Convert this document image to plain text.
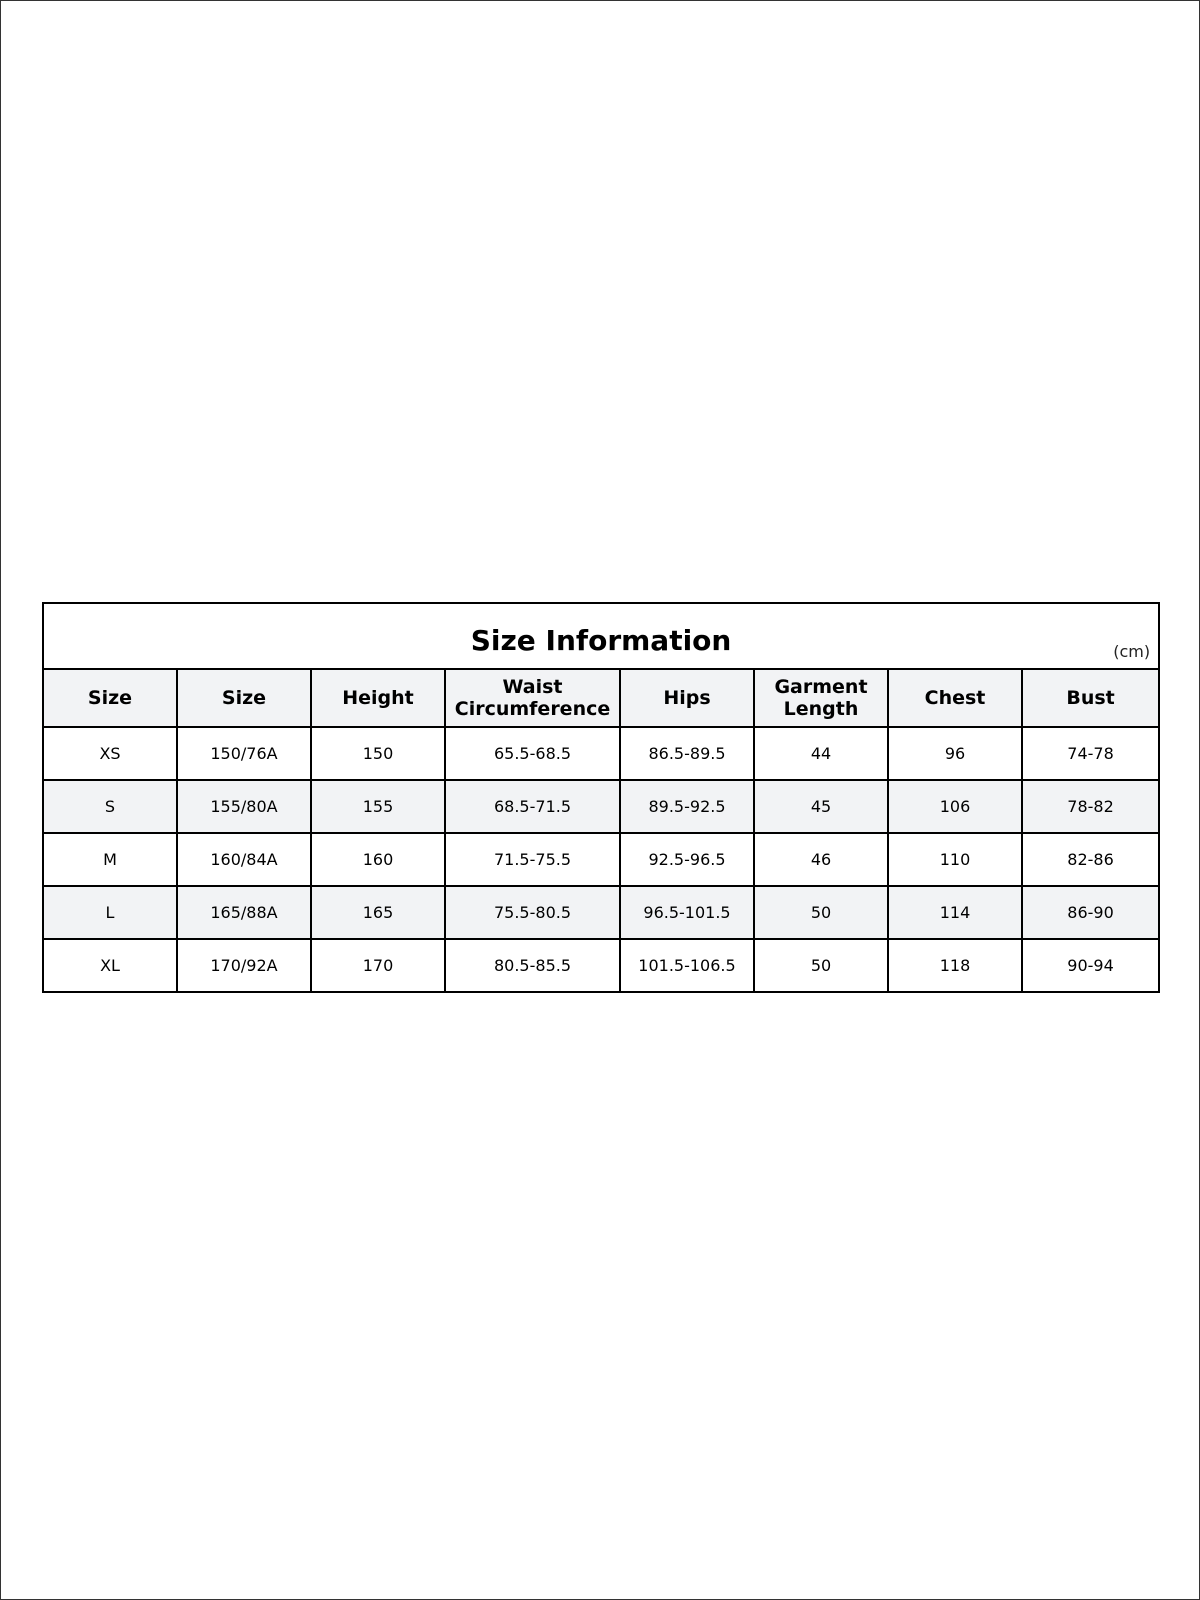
Size Information (cm)							

Size	Size	Height	Waist Circumference	Hips	Garment Length	Chest	Bust
XS	150/76A	150	65.5-68.5	86.5-89.5	44	96	74-78
S	155/80A	155	68.5-71.5	89.5-92.5	45	106	78-82
M	160/84A	160	71.5-75.5	92.5-96.5	46	110	82-86
L	165/88A	165	75.5-80.5	96.5-101.5	50	114	86-90
XL	170/92A	170	80.5-85.5	101.5-106.5	50	118	90-94
